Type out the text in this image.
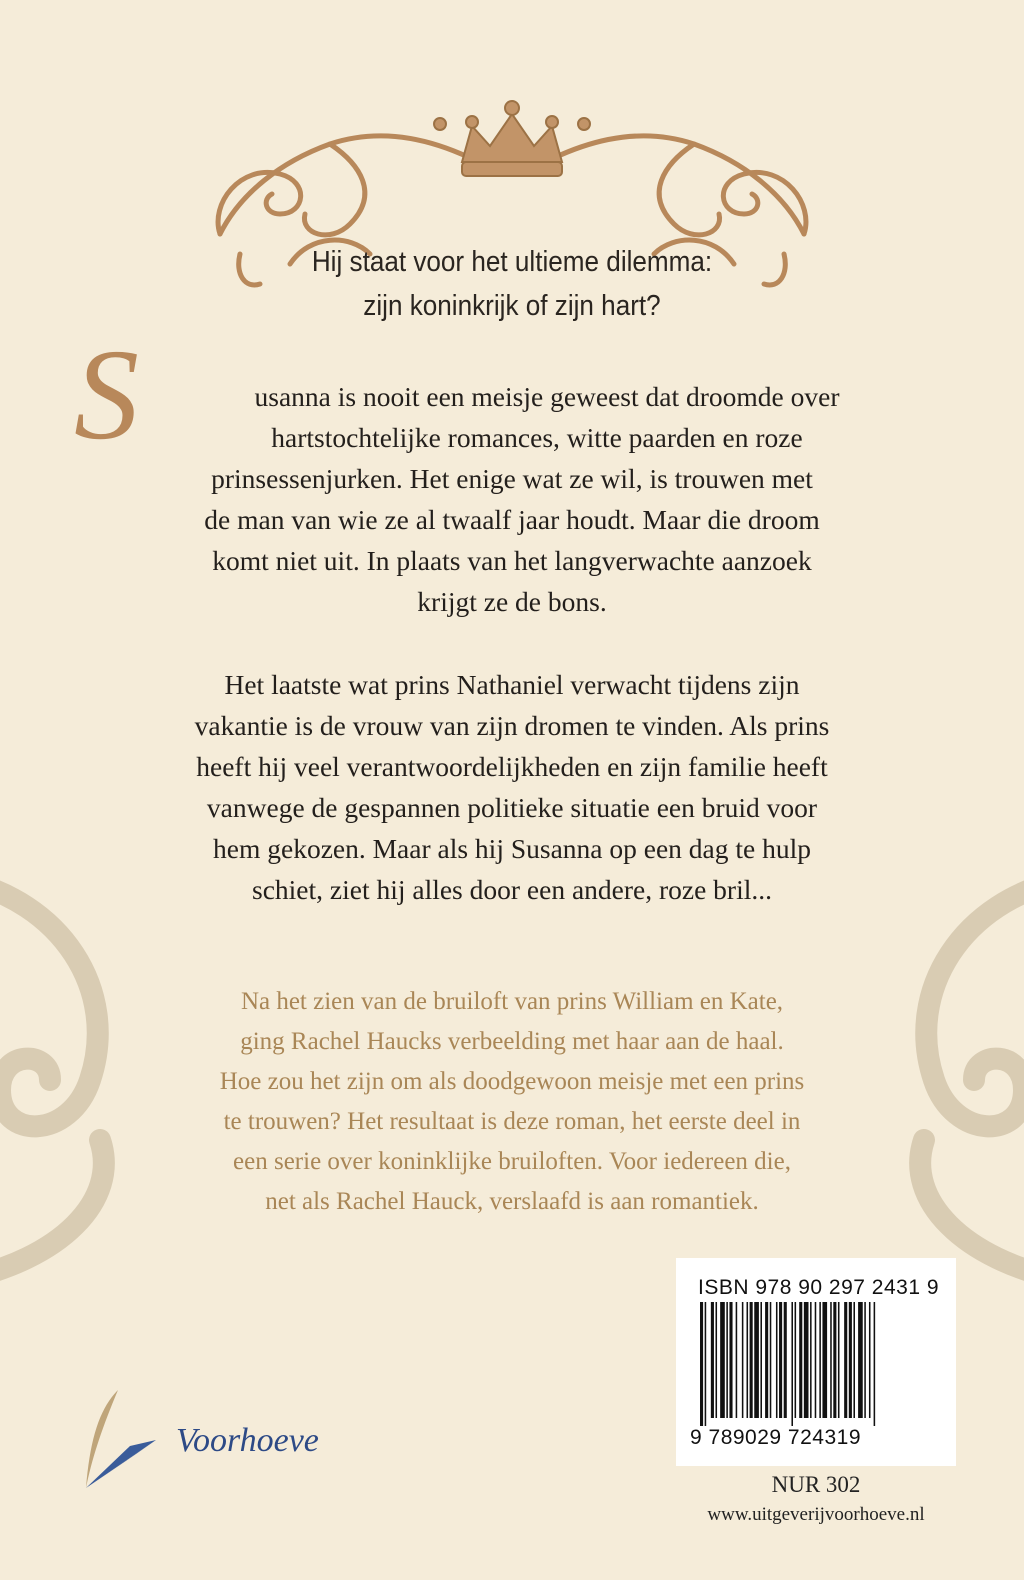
Hij staat voor het ultieme dilemma:
zijn koninkrijk of zijn hart?
S	usanna is nooit een meisje geweest dat droomde over
hartstochtelijke romances, witte paarden en roze
prinsessenjurken. Het enige wat ze wil, is trouwen met
de man van wie ze al twaalf jaar houdt. Maar die droom
komt niet uit. In plaats van het langverwachte aanzoek
krijgt ze de bons.
Het laatste wat prins Nathaniel verwacht tijdens zijn
vakantie is de vrouw van zijn dromen te vinden. Als prins
heeft hij veel verantwoordelijkheden en zijn familie heeft
vanwege de gespannen politieke situatie een bruid voor
hem gekozen. Maar als hij Susanna op een dag te hulp
schiet, ziet hij alles door een andere, roze bril...
Na het zien van de bruiloft van prins William en Kate,
ging Rachel Haucks verbeelding met haar aan de haal.
Hoe zou het zijn om als doodgewoon meisje met een prins
te trouwen? Het resultaat is deze roman, het eerste deel in
een serie over koninklijke bruiloften. Voor iedereen die,
net als Rachel Hauck, verslaafd is aan romantiek.
ISBN 978 90 297 2431 9
9 789029 724319
NUR 302
www.uitgeverijvoorhoeve.nl
Voorhoeve
